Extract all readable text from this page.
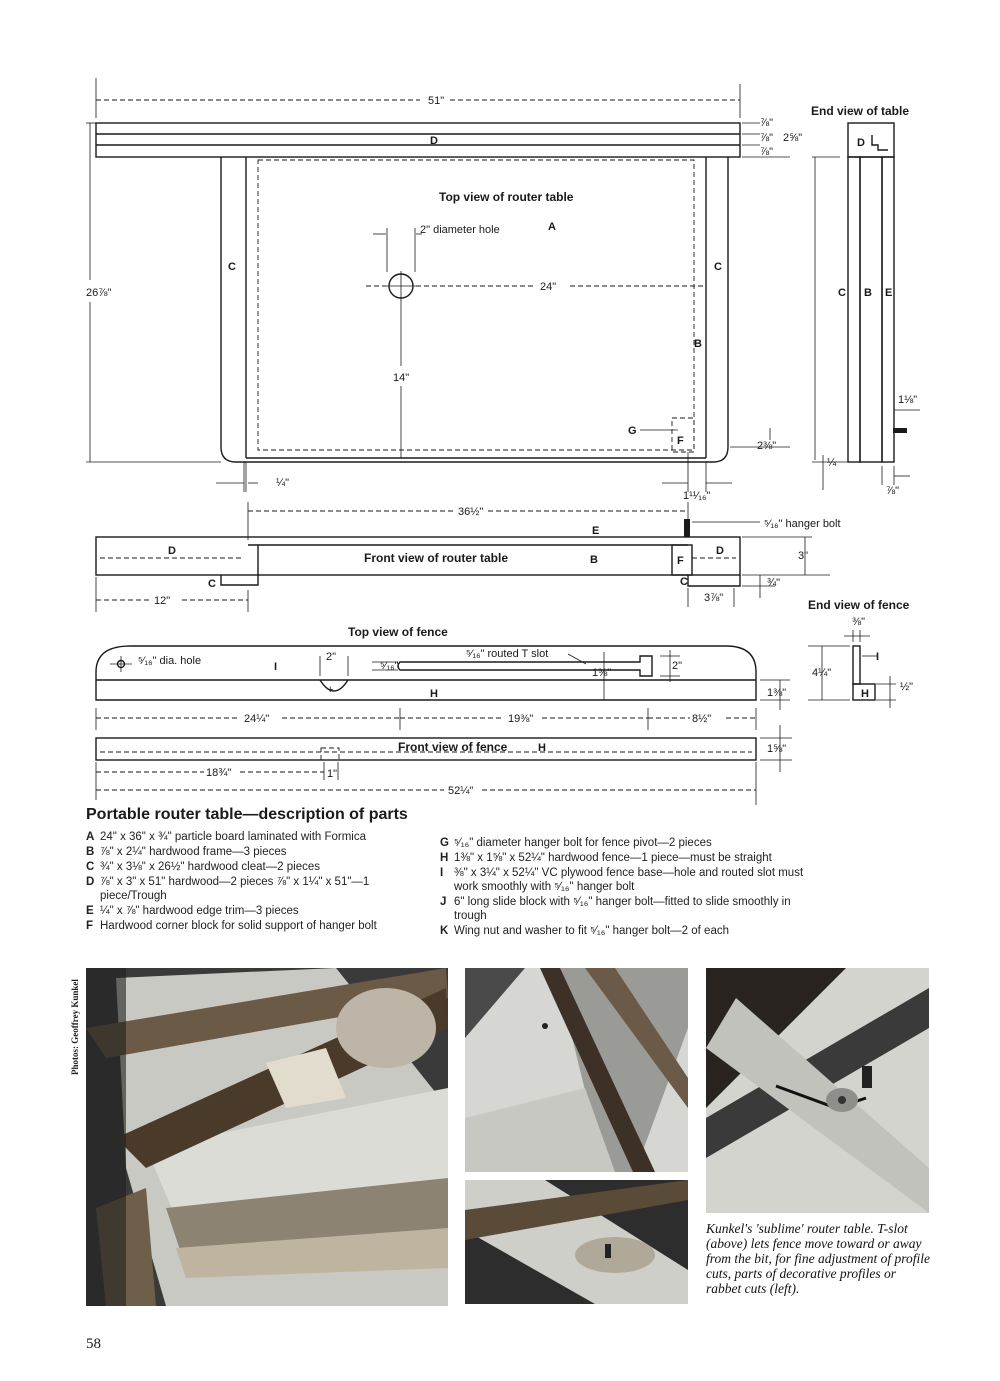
51"
D
⅞"
⅞"
⅞"
2⅝"
C	C
B
Top view of router table
A
2" diameter hole
24"
14"
26⅞"
F
G
2⅜"
¼"
1¹¹⁄₁₆"
End view of table
D
C B E
¼
1⅛"
⅞"
36½"
E
D	D
Front view of router table	B	F
⁵⁄₁₆" hanger bolt
C	C
3"
¾"
3⅞"
12"
Top view of fence
⁵⁄₁₆" dia. hole	I
+
2"
⁵⁄₁₆"
⁵⁄₁₆" routed T slot
1⅜"
2"
H	1⅜"
24¼"	19⅜"	8½"
End view of fence
⅜"
H
I
4¼"
½"
Front view of fence	H	1⅝"
18¾"	1"
52¼"
Portable router table—description of parts
A 24" x 36" x ¾" particle board laminated with Formica
B ⅞" x 2¼" hardwood frame—3 pieces
C ¾" x 3⅛" x 26½" hardwood cleat—2 pieces
D ⅞" x 3" x 51" hardwood—2 pieces ⅞" x 1¼" x 51"—1 piece/Trough
E ¼" x ⅞" hardwood edge trim—3 pieces
F Hardwood corner block for solid support of hanger bolt
G ⁵⁄₁₆" diameter hanger bolt for fence pivot—2 pieces
H 1⅜" x 1⅝" x 52¼" hardwood fence—1 piece—must be straight
I ⅜" x 3¼" x 52¼" VC plywood fence base—hole and routed slot must work smoothly with ⁵⁄₁₆" hanger bolt
J 6" long slide block with ⁵⁄₁₆" hanger bolt—fitted to slide smoothly in trough
K Wing nut and washer to fit ⁵⁄₁₆" hanger bolt—2 of each
Photos: Geoffrey Kunkel
Kunkel's 'sublime' router table. T-slot (above) lets fence move toward or away from the bit, for fine adjustment of profile cuts, parts of decorative profiles or rabbet cuts (left).
58
